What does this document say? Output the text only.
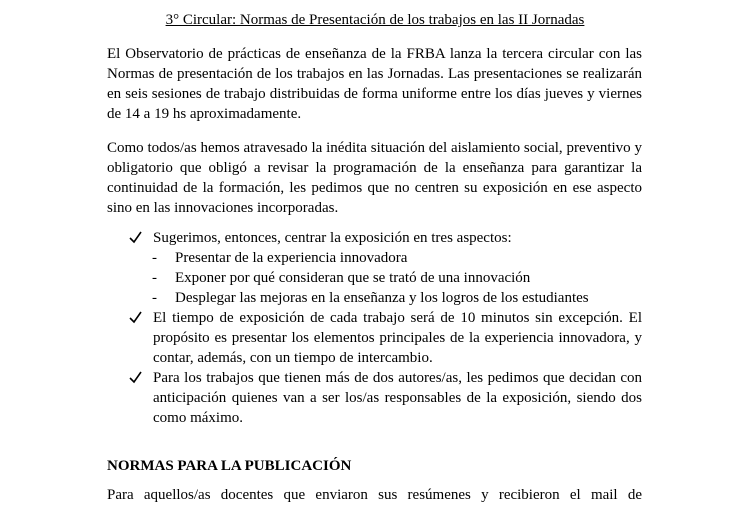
3° Circular: Normas de Presentación de los trabajos en las II Jornadas

El Observatorio de prácticas de enseñanza de la FRBA lanza la tercera circular con las Normas de presentación de los trabajos en las Jornadas. Las presentaciones se realizarán en seis sesiones de trabajo distribuidas de forma uniforme entre los días jueves y viernes de 14 a 19 hs aproximadamente.

Como todos/as hemos atravesado la inédita situación del aislamiento social, preventivo y obligatorio que obligó a revisar la programación de la enseñanza para garantizar la continuidad de la formación, les pedimos que no centren su exposición en ese aspecto sino en las innovaciones incorporadas.

Sugerimos, entonces, centrar la exposición en tres aspectos:
- Presentar de la experiencia innovadora
- Exponer por qué consideran que se trató de una innovación
- Desplegar las mejoras en la enseñanza y los logros de los estudiantes
El tiempo de exposición de cada trabajo será de 10 minutos sin excepción. El propósito es presentar los elementos principales de la experiencia innovadora, y contar, además, con un tiempo de intercambio.
Para los trabajos que tienen más de dos autores/as, les pedimos que decidan con anticipación quienes van a ser los/as responsables de la exposición, siendo dos como máximo.
NORMAS PARA LA PUBLICACIÓN
Para aquellos/as docentes que enviaron sus resúmenes y recibieron el mail de
